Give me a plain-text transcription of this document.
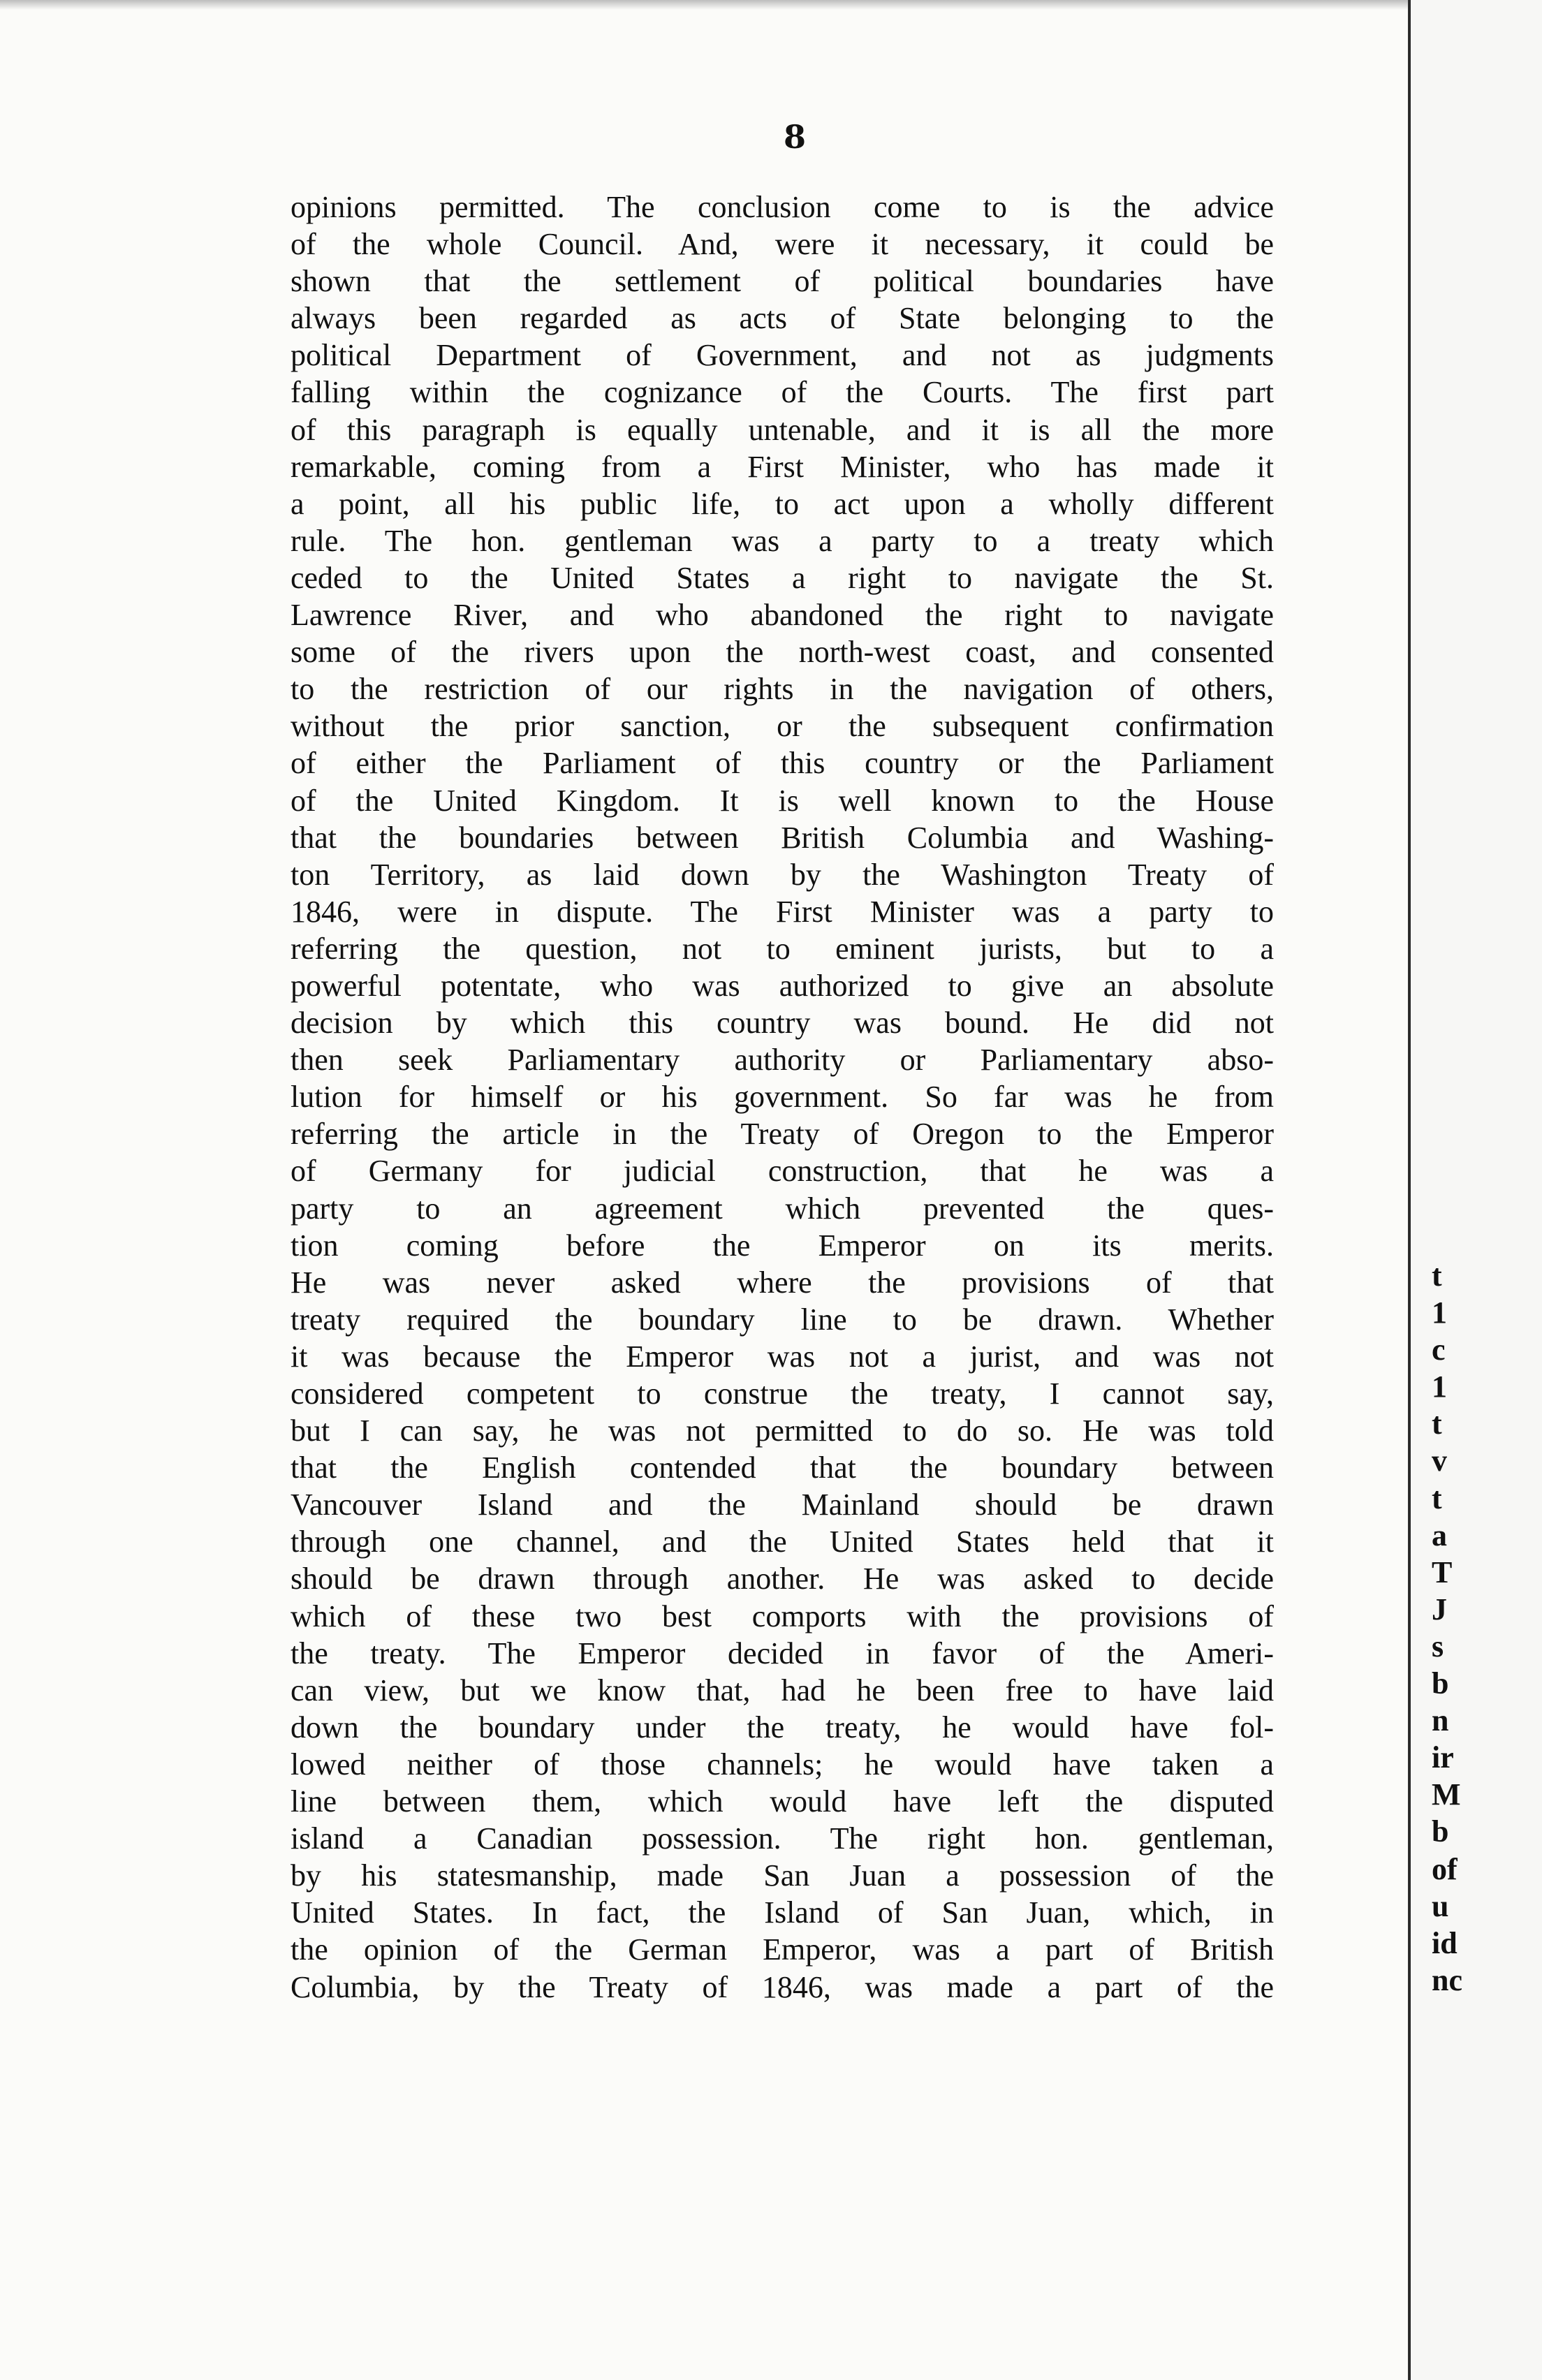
8
opinions permitted. The conclusion come to is the advice
of the whole Council. And, were it necessary, it could be
shown that the settlement of political boundaries have
always been regarded as acts of State belonging to the
political Department of Government, and not as judgments
falling within the cognizance of the Courts. The first part
of this paragraph is equally untenable, and it is all the more
remarkable, coming from a First Minister, who has made it
a point, all his public life, to act upon a wholly different
rule. The hon. gentleman was a party to a treaty which
ceded to the United States a right to navigate the St.
Lawrence River, and who abandoned the right to navigate
some of the rivers upon the north-west coast, and consented
to the restriction of our rights in the navigation of others,
without the prior sanction, or the subsequent confirmation
of either the Parliament of this country or the Parliament
of the United Kingdom. It is well known to the House
that the boundaries between British Columbia and Washing-
ton Territory, as laid down by the Washington Treaty of
1846, were in dispute. The First Minister was a party to
referring the question, not to eminent jurists, but to a
powerful potentate, who was authorized to give an absolute
decision by which this country was bound. He did not
then seek Parliamentary authority or Parliamentary abso-
lution for himself or his government. So far was he from
referring the article in the Treaty of Oregon to the Emperor
of Germany for judicial construction, that he was a
party to an agreement which prevented the ques-
tion coming before the Emperor on its merits.
He was never asked where the provisions of that
treaty required the boundary line to be drawn. Whether
it was because the Emperor was not a jurist, and was not
considered competent to construe the treaty, I cannot say,
but I can say, he was not permitted to do so. He was told
that the English contended that the boundary between
Vancouver Island and the Mainland should be drawn
through one channel, and the United States held that it
should be drawn through another. He was asked to decide
which of these two best comports with the provisions of
the treaty. The Emperor decided in favor of the Ameri-
can view, but we know that, had he been free to have laid
down the boundary under the treaty, he would have fol-
lowed neither of those channels; he would have taken a
line between them, which would have left the disputed
island a Canadian possession. The right hon. gentleman,
by his statesmanship, made San Juan a possession of the
United States. In fact, the Island of San Juan, which, in
the opinion of the German Emperor, was a part of British
Columbia, by the Treaty of 1846, was made a part of the
t
1
c
1
t
v
t
a
T
J
s
b
n
ir
M
b
of
u
id
nc
